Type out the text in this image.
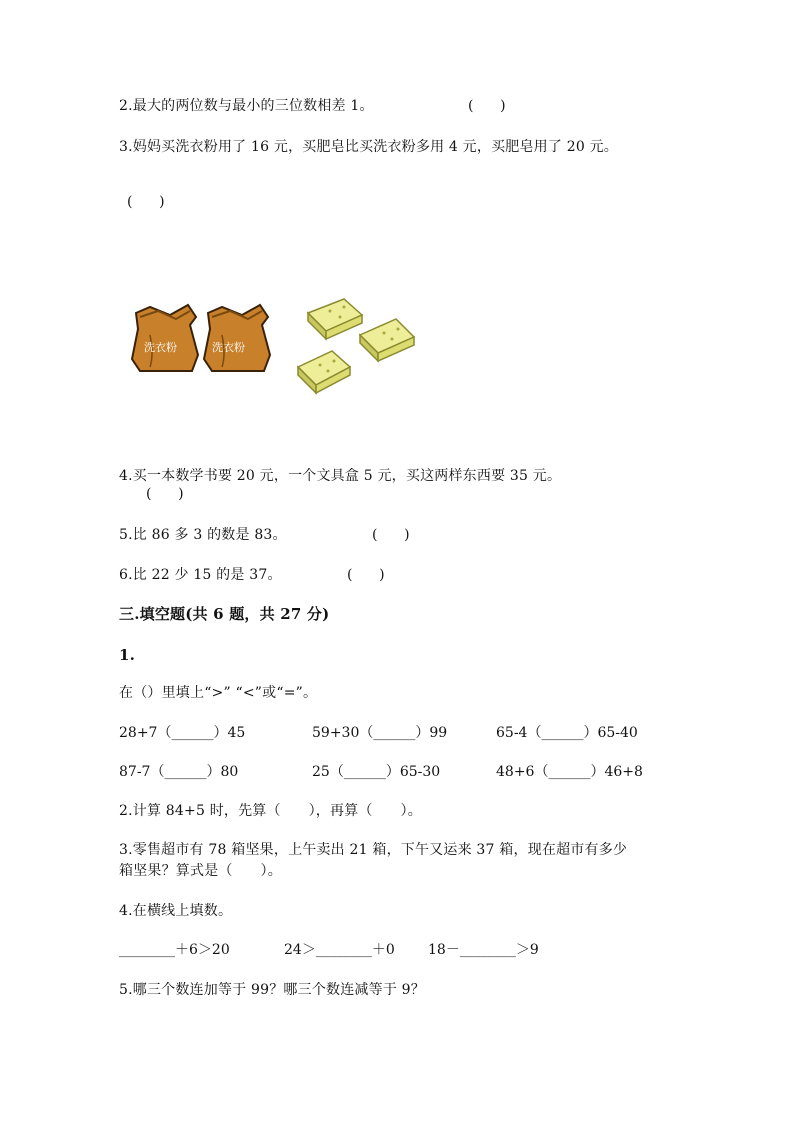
2.最大的两位数与最小的三位数相差 1。	(      )
3.妈妈买洗衣粉用了 16 元，买肥皂比买洗衣粉多用 4 元，买肥皂用了 20 元。
(      )
洗衣粉	洗衣粉
4.买一本数学书要 20 元，一个文具盒 5 元，买这两样东西要 35 元。
(      )
5.比 86 多 3 的数是 83。	(      )
6.比 22 少 15 的是 37。	(      )
三.填空题(共 6 题，共 27 分)
1.
在（）里填上“>” “<”或“=”。
28+7（______）45	59+30（______）99	65-4（______）65-40
87-7（______）80	25（______）65-30	48+6（______）46+8
2.计算 84+5 时，先算（      ），再算（      ）。
3.零售超市有 78 箱坚果，上午卖出 21 箱，下午又运来 37 箱，现在超市有多少
箱坚果？算式是（      ）。
4.在横线上填数。
________＋6＞20	24＞________＋0 18－________＞9
5.哪三个数连加等于 99？哪三个数连减等于 9？
